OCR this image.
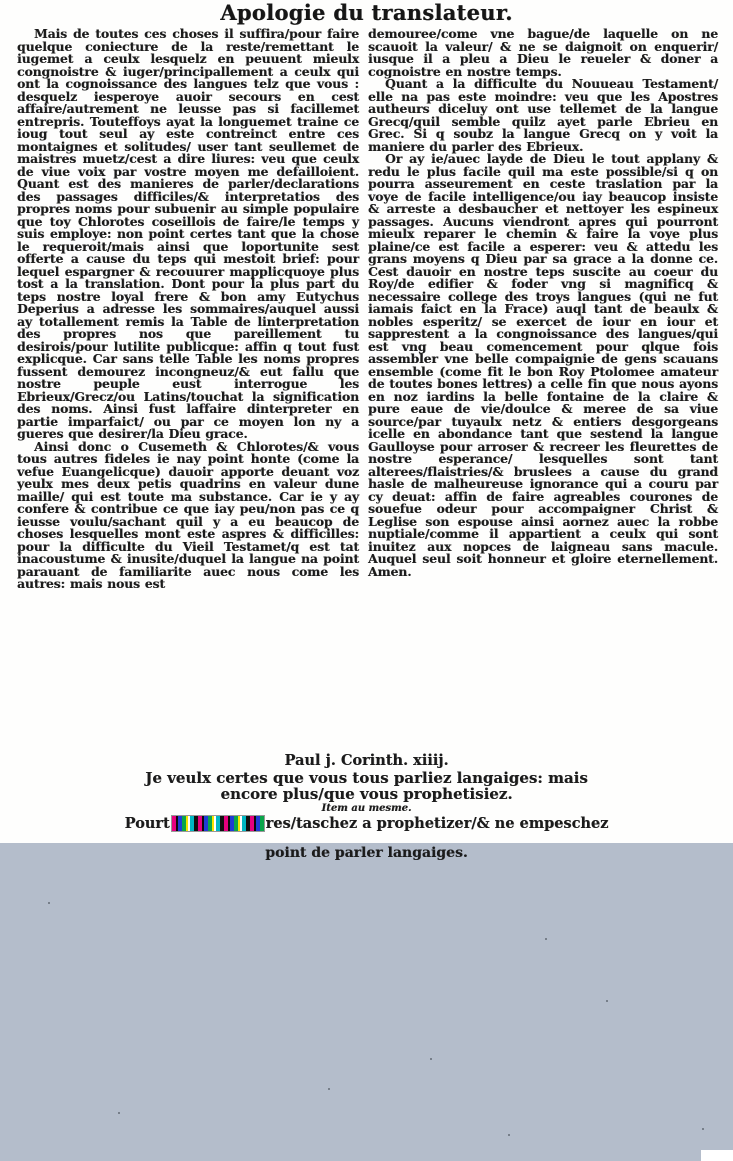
Apologie du translateur.

Mais de toutes ces choses il suffira/pour faire quelque coniecture de la reste/remettant le iugemet a ceulx lesquelz en peuuent mieulx congnoistre & iuger/principallement a ceulx qui ont la cognoissance des langues telz que vous : desquelz iesperoye auoir secours en cest affaire/autrement ne leusse pas si facillemet entrepris. Touteffoys ayat la longuemet traine ce ioug tout seul ay este contreinct entre ces montaignes et solitudes/ user tant seullemet de maistres muetz/cest a dire liures: veu que ceulx de viue voix par vostre moyen me defailloient. Quant est des manieres de parler/declarations des passages difficiles/& interpretatios des propres noms pour subuenir au simple populaire que toy Chlorotes coseillois de faire/le temps y suis employe: non point certes tant que la chose le requeroit/mais ainsi que loportunite sest offerte a cause du teps qui mestoit brief: pour lequel espargner & recouurer mapplicquoye plus tost a la translation. Dont pour la plus part du teps nostre loyal frere & bon amy Eutychus Deperius a adresse les sommaires/auquel aussi ay totallement remis la Table de linterpretation des propres nos que pareillement tu desirois/pour lutilite publicque: affin q tout fust explicque. Car sans telle Table les noms propres fussent demourez incongneuz/& eut fallu que nostre peuple eust interrogue les Ebrieux/Grecz/ou Latins/touchat la signification des noms. Ainsi fust laffaire dinterpreter en partie imparfaict/ ou par ce moyen lon ny a gueres que desirer/la Dieu grace.

Ainsi donc o Cusemeth & Chlorotes/& vous tous autres fideles ie nay point honte (come la vefue Euangelicque) dauoir apporte deuant voz yeulx mes deux petis quadrins en valeur dune maille/ qui est toute ma substance. Car ie y ay confere & contribue ce que iay peu/non pas ce q ieusse voulu/sachant quil y a eu beaucop de choses lesquelles mont este aspres & difficilles: pour la difficulte du Vieil Testamet/q est tat inacoustume & inusite/duquel la langue na point parauant de familiarite auec nous come les autres: mais nous est

demouree/come vne bague/de laquelle on ne scauoit la valeur/ & ne se daignoit on enquerir/ iusque il a pleu a Dieu le reueler & doner a cognoistre en nostre temps.

Quant a la difficulte du Nouueau Testament/ elle na pas este moindre: veu que les Apostres autheurs diceluy ont use tellemet de la langue Grecq/quil semble quilz ayet parle Ebrieu en Grec. Si q soubz la langue Grecq on y voit la maniere du parler des Ebrieux.

Or ay ie/auec layde de Dieu le tout applany & redu le plus facile quil ma este possible/si q on pourra asseurement en ceste traslation par la voye de facile intelligence/ou iay beaucop insiste & arreste a desbaucher et nettoyer les espineux passages. Aucuns viendront apres qui pourront mieulx reparer le chemin & faire la voye plus plaine/ce est facile a esperer: veu & attedu les grans moyens q Dieu par sa grace a la donne ce. Cest dauoir en nostre teps suscite au coeur du Roy/de edifier & foder vng si magnificq & necessaire college des troys langues (qui ne fut iamais faict en la Frace) auql tant de beaulx & nobles esperitz/ se exercet de iour en iour et sapprestent a la congnoissance des langues/qui est vng beau comencement pour qlque fois assembler vne belle compaignie de gens scauans ensemble (come fit le bon Roy Ptolomee amateur de toutes bones lettres) a celle fin que nous ayons en noz iardins la belle fontaine de la claire & pure eaue de vie/doulce & meree de sa viue source/par tuyaulx netz & entiers desgorgeans icelle en abondance tant que sestend la langue Gaulloyse pour arroser & recreer les fleurettes de nostre esperance/ lesquelles sont tant alterees/flaistries/& bruslees a cause du grand hasle de malheureuse ignorance qui a couru par cy deuat: affin de faire agreables courones de souefue odeur pour accompaigner Christ & Leglise son espouse ainsi aornez auec la robbe nuptiale/comme il appartient a ceulx qui sont inuitez aux nopces de laigneau sans macule. Auquel seul soit honneur et gloire eternellement. Amen.

Paul j. Corinth. xiiij.
Je veulx certes que vous tous parliez langaiges: mais
encore plus/que vous prophetisiez.
Item au mesme.
Pourt	res/taschez a prophetizer/& ne empeschez
point de parler langaiges.
